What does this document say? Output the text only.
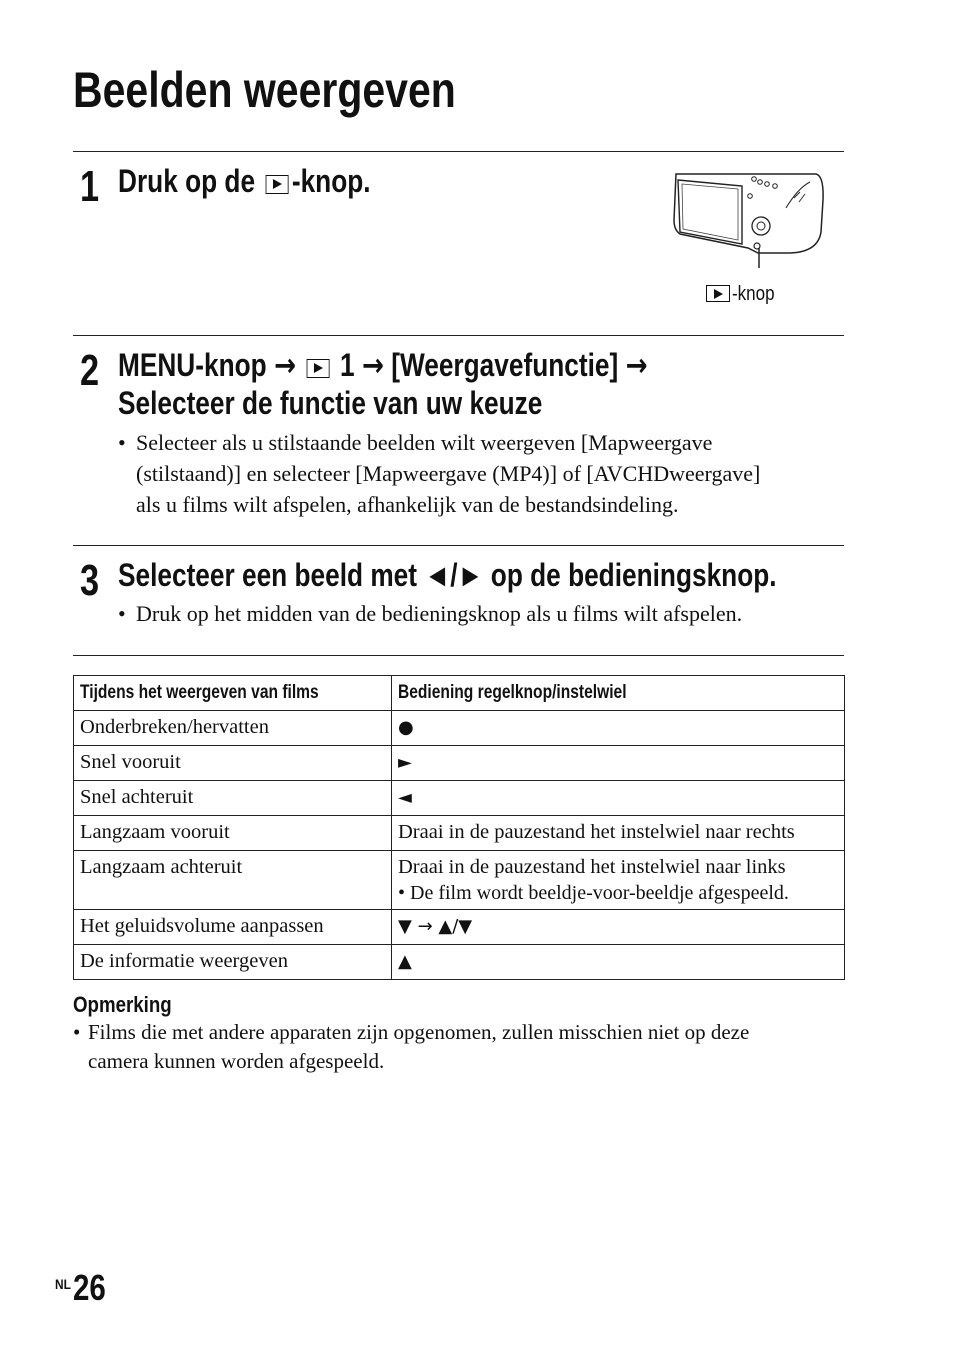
Beelden weergeven
1 Druk op de -knop.
-knop
2 MENU-knop → 1 → [Weergavefunctie] →
Selecteer de functie van uw keuze
• Selecteer als u stilstaande beelden wilt weergeven [Mapweergave
(stilstaand)] en selecteer [Mapweergave (MP4)] of [AVCHDweergave]
als u films wilt afspelen, afhankelijk van de bestandsindeling.
3 Selecteer een beeld met ◄/► op de bedieningsknop.
• Druk op het midden van de bedieningsknop als u films wilt afspelen.
Tijdens het weergeven van films	Bediening regelknop/instelwiel
Onderbreken/hervatten	●
Snel vooruit	►
Snel achteruit	◄
Langzaam vooruit	Draai in de pauzestand het instelwiel naar rechts
Langzaam achteruit	Draai in de pauzestand het instelwiel naar links
• De film wordt beeldje-voor-beeldje afgespeeld.

Het geluidsvolume aanpassen	▼ → ▲/▼
De informatie weergeven	▲
Opmerking
• Films die met andere apparaten zijn opgenomen, zullen misschien niet op deze
camera kunnen worden afgespeeld.
NL26
